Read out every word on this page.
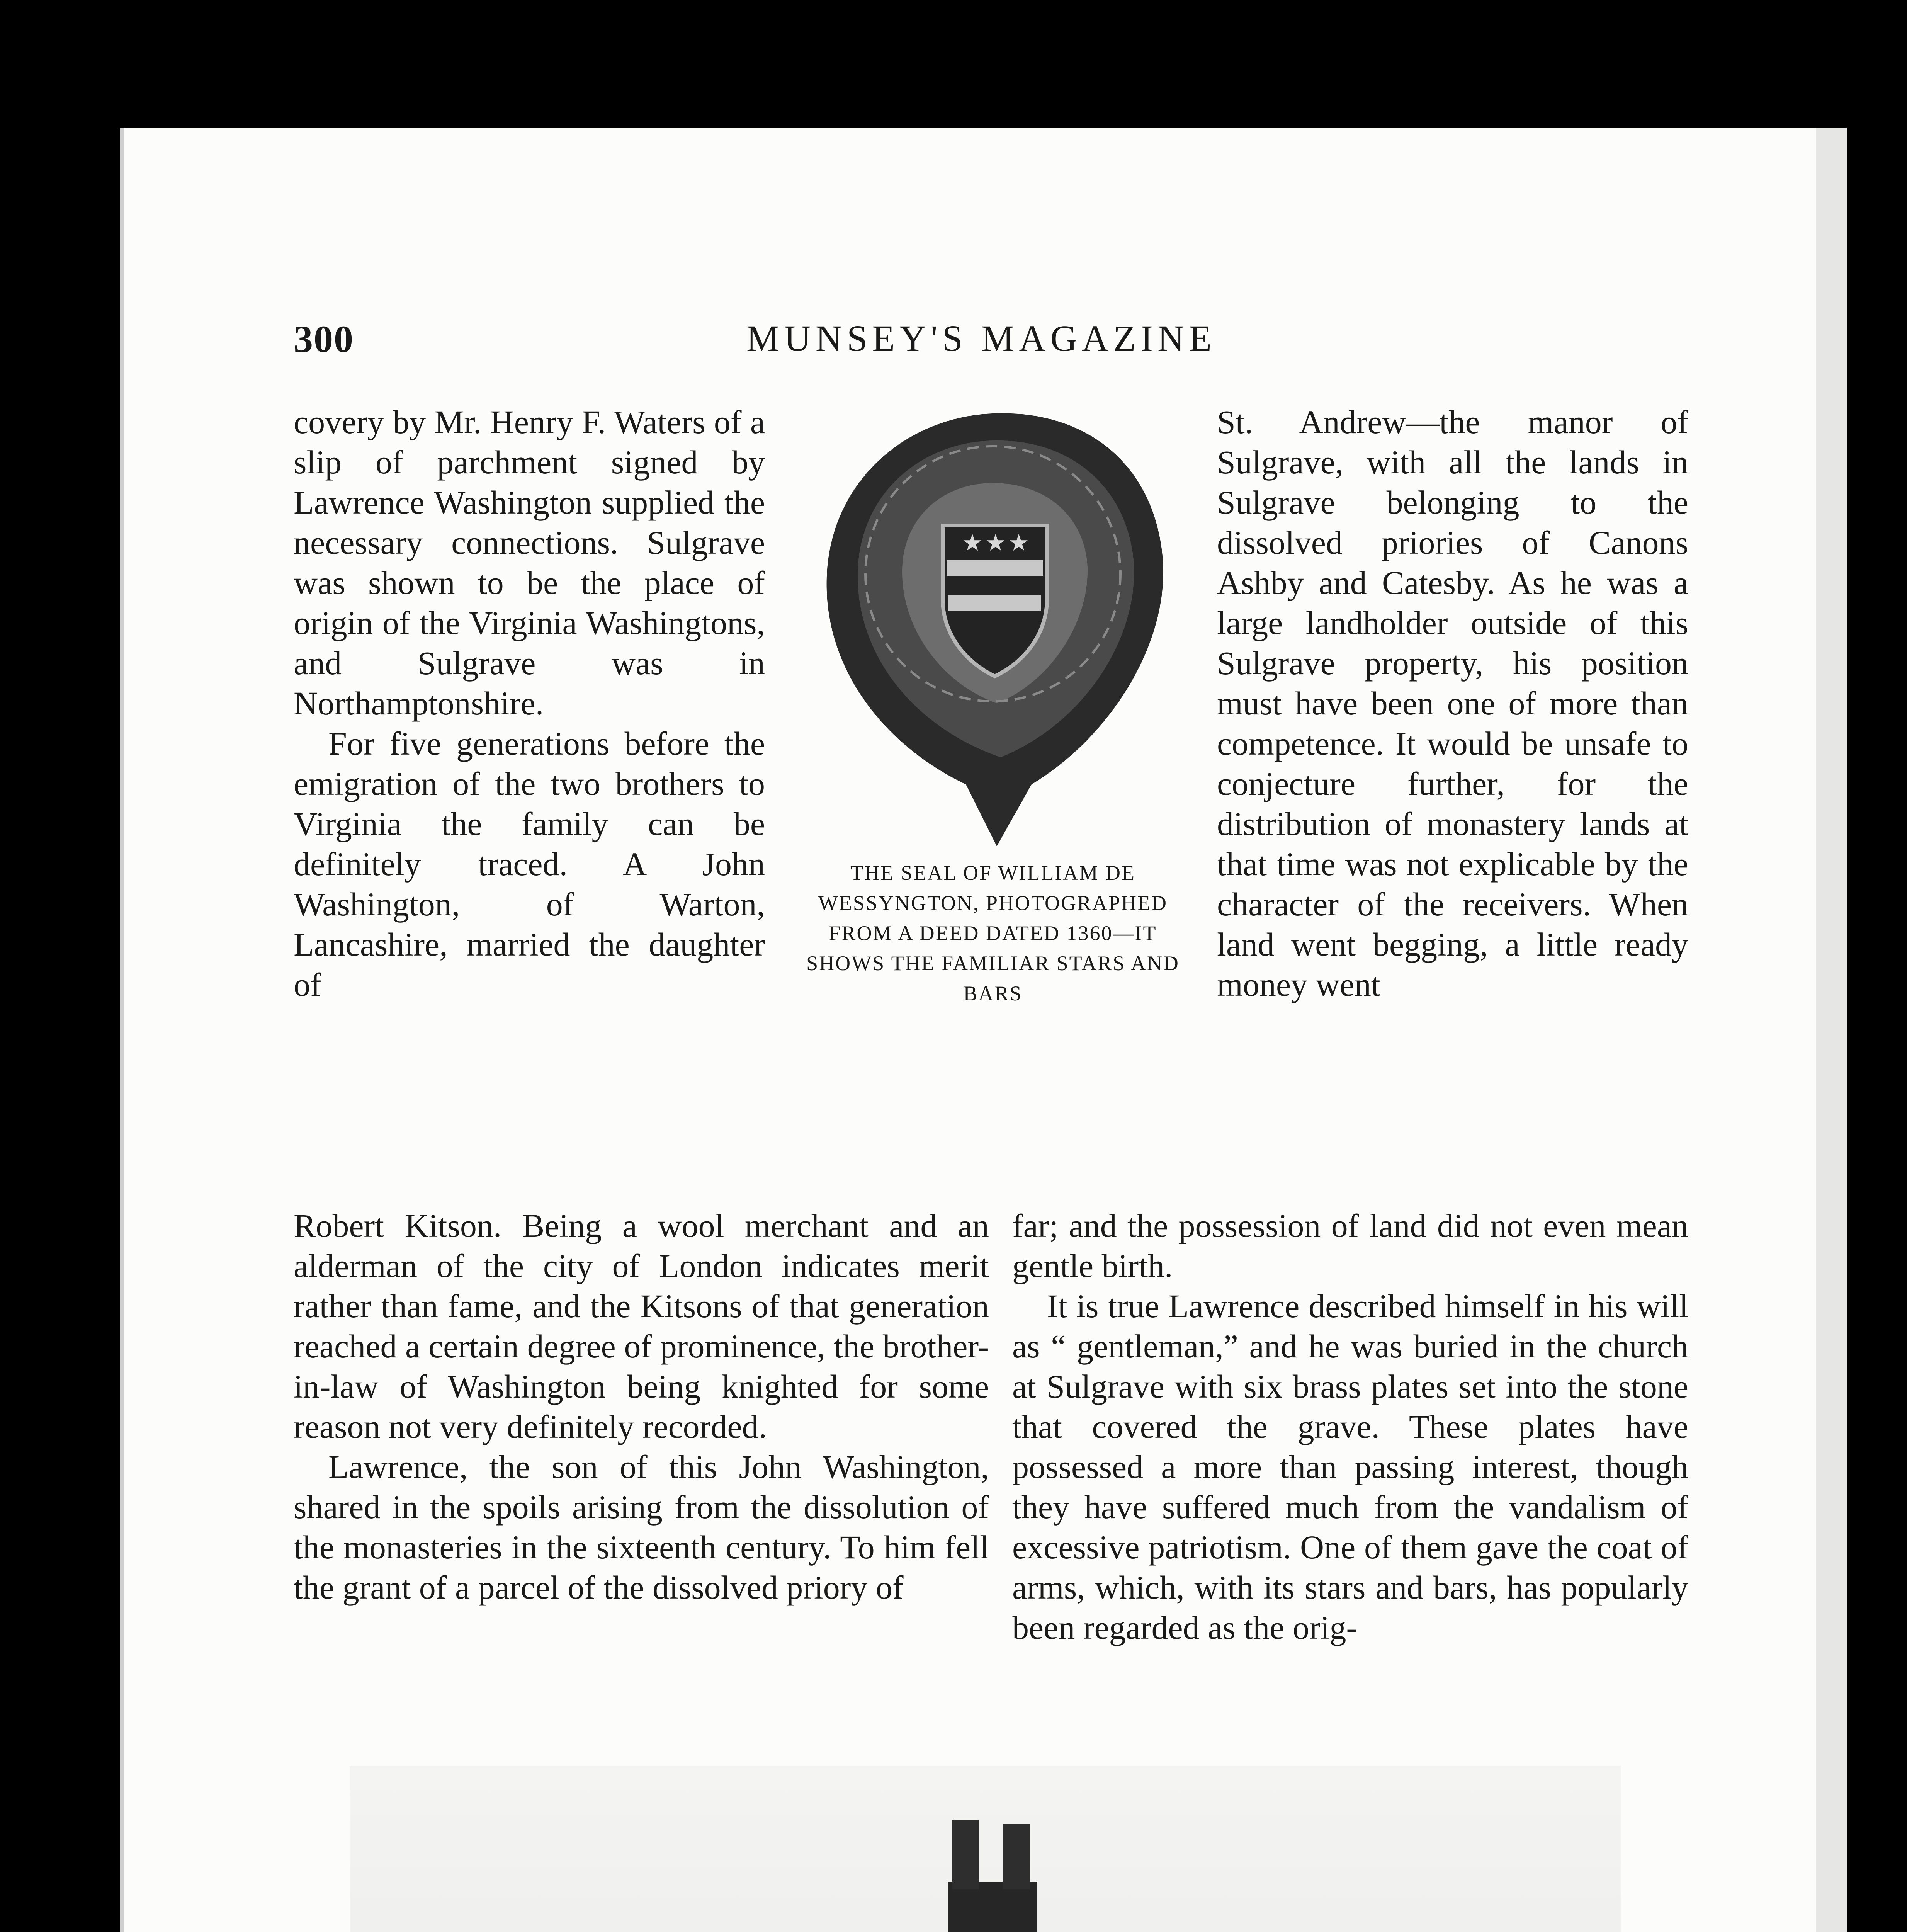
300	MUNSEY'S MAGAZINE

covery by Mr. Henry F. Waters of a slip of parchment signed by Lawrence Washington supplied the necessary connections. Sulgrave was shown to be the place of origin of the Virginia Washingtons, and Sulgrave was in Northamptonshire.

For five generations before the emigration of the two brothers to Virginia the family can be definitely traced. A John Washington, of Warton, Lancashire, married the daughter of

★ ★ ★
THE SEAL OF WILLIAM DE WESSYNGTON, PHOTOGRAPHED FROM A DEED DATED 1360—IT SHOWS THE FAMILIAR STARS AND BARS

St. Andrew—the manor of Sulgrave, with all the lands in Sulgrave belonging to the dissolved priories of Canons Ashby and Catesby. As he was a large landholder outside of this Sulgrave property, his position must have been one of more than competence. It would be unsafe to conjecture further, for the distribution of monastery lands at that time was not explicable by the character of the receivers. When land went begging, a little ready money went

Robert Kitson. Being a wool merchant and an alderman of the city of London indicates merit rather than fame, and the Kitsons of that generation reached a certain degree of prominence, the brother-in-law of Washington being knighted for some reason not very definitely recorded.

Lawrence, the son of this John Washington, shared in the spoils arising from the dissolution of the monasteries in the sixteenth century. To him fell the grant of a parcel of the dissolved priory of

far; and the possession of land did not even mean gentle birth.

It is true Lawrence described himself in his will as “ gentleman,” and he was buried in the church at Sulgrave with six brass plates set into the stone that covered the grave. These plates have possessed a more than passing interest, though they have suffered much from the vandalism of excessive patriotism. One of them gave the coat of arms, which, with its stars and bars, has popularly been regarded as the orig-
